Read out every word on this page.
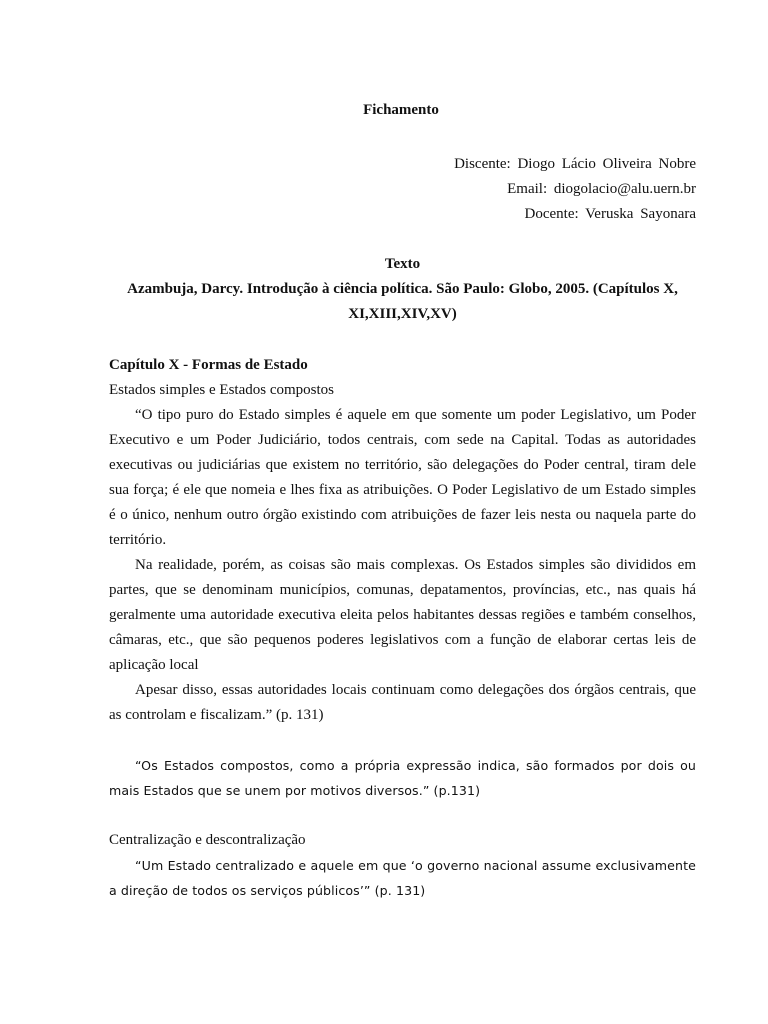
Fichamento
Discente: Diogo Lácio Oliveira Nobre
Email: diogolacio@alu.uern.br
Docente: Veruska Sayonara
Texto
Azambuja, Darcy. Introdução à ciência política. São Paulo: Globo, 2005. (Capítulos X,
XI,XIII,XIV,XV)
Capítulo X - Formas de Estado
Estados simples e Estados compostos

“O tipo puro do Estado simples é aquele em que somente um poder Legislativo, um Poder Executivo e um Poder Judiciário, todos centrais, com sede na Capital. Todas as autoridades executivas ou judiciárias que existem no território, são delegações do Poder central, tiram dele sua força; é ele que nomeia e lhes fixa as atribuições. O Poder Legislativo de um Estado simples é o único, nenhum outro órgão existindo com atribuições de fazer leis nesta ou naquela parte do território.

Na realidade, porém, as coisas são mais complexas. Os Estados simples são divididos em partes, que se denominam municípios, comunas, depatamentos, províncias, etc., nas quais há geralmente uma autoridade executiva eleita pelos habitantes dessas regiões e também conselhos, câmaras, etc., que são pequenos poderes legislativos com a função de elaborar certas leis de aplicação local

Apesar disso, essas autoridades locais continuam como delegações dos órgãos centrais, que as controlam e fiscalizam.” (p. 131)

“Os Estados compostos, como a própria expressão indica, são formados por dois ou mais Estados que se unem por motivos diversos.” (p.131)

Centralização e descontralização

“Um Estado centralizado e aquele em que ‘o governo nacional assume exclusivamente a direção de todos os serviços públicos’” (p. 131)
